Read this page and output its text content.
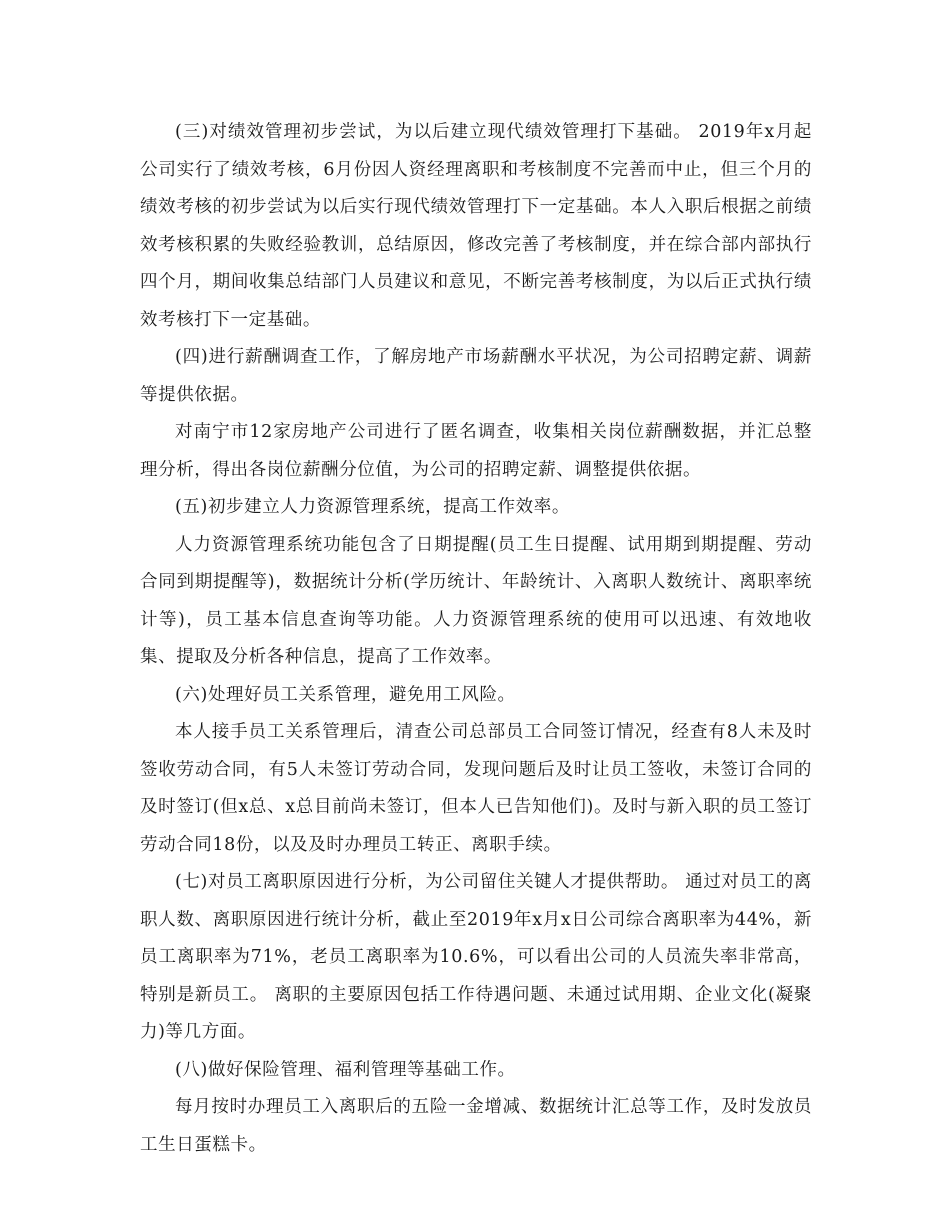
(三)对绩效管理初步尝试，为以后建立现代绩效管理打下基础。 2019年x月起公司实行了绩效考核，6月份因人资经理离职和考核制度不完善而中止，但三个月的绩效考核的初步尝试为以后实行现代绩效管理打下一定基础。本人入职后根据之前绩效考核积累的失败经验教训，总结原因，修改完善了考核制度，并在综合部内部执行四个月，期间收集总结部门人员建议和意见，不断完善考核制度，为以后正式执行绩效考核打下一定基础。

(四)进行薪酬调查工作，了解房地产市场薪酬水平状况，为公司招聘定薪、调薪等提供依据。

对南宁市12家房地产公司进行了匿名调查，收集相关岗位薪酬数据，并汇总整理分析，得出各岗位薪酬分位值，为公司的招聘定薪、调整提供依据。

(五)初步建立人力资源管理系统，提高工作效率。

人力资源管理系统功能包含了日期提醒(员工生日提醒、试用期到期提醒、劳动合同到期提醒等)，数据统计分析(学历统计、年龄统计、入离职人数统计、离职率统计等)，员工基本信息查询等功能。人力资源管理系统的使用可以迅速、有效地收集、提取及分析各种信息，提高了工作效率。

(六)处理好员工关系管理，避免用工风险。

本人接手员工关系管理后，清查公司总部员工合同签订情况，经查有8人未及时签收劳动合同，有5人未签订劳动合同，发现问题后及时让员工签收，未签订合同的及时签订(但x总、x总目前尚未签订，但本人已告知他们)。及时与新入职的员工签订劳动合同18份，以及及时办理员工转正、离职手续。

(七)对员工离职原因进行分析，为公司留住关键人才提供帮助。 通过对员工的离职人数、离职原因进行统计分析，截止至2019年x月x日公司综合离职率为44%，新员工离职率为71%，老员工离职率为10.6%，可以看出公司的人员流失率非常高，特别是新员工。 离职的主要原因包括工作待遇问题、未通过试用期、企业文化(凝聚力)等几方面。

(八)做好保险管理、福利管理等基础工作。

每月按时办理员工入离职后的五险一金增减、数据统计汇总等工作，及时发放员工生日蛋糕卡。
